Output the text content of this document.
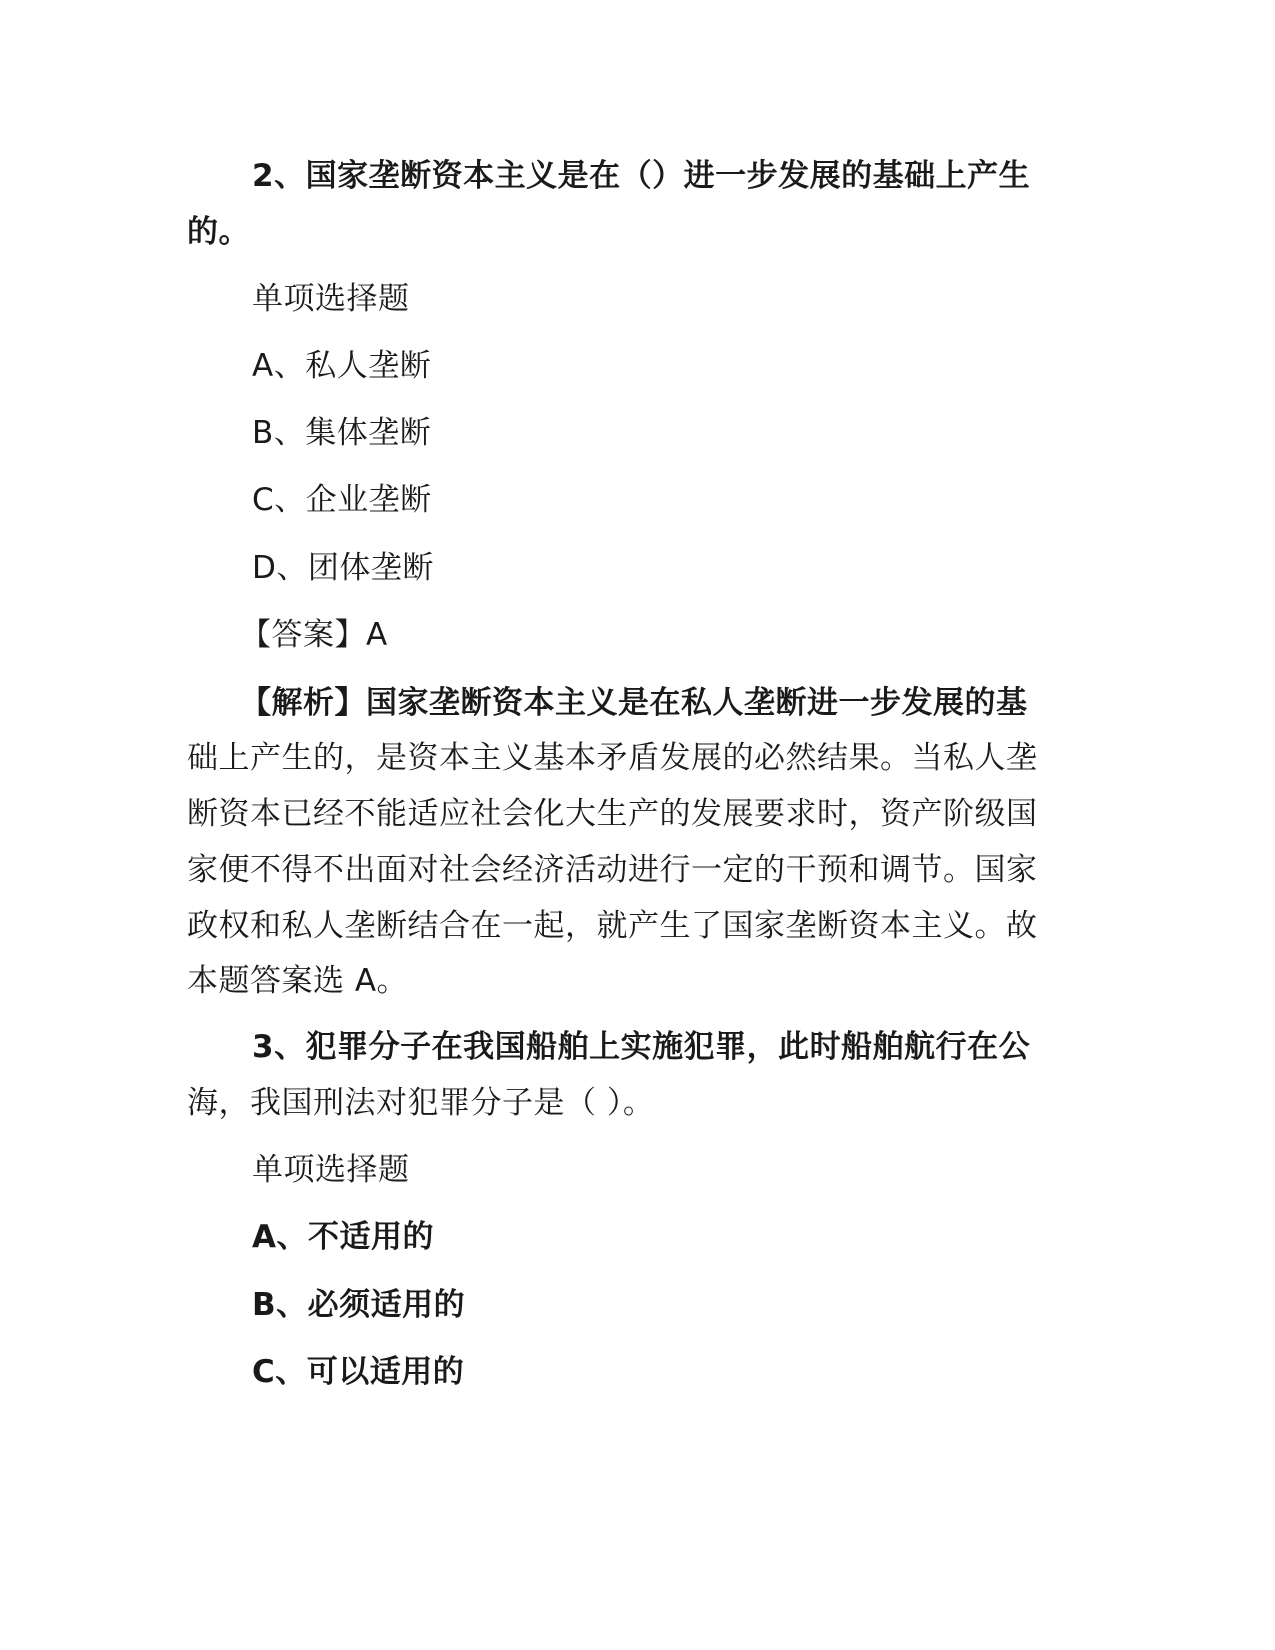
2、国家垄断资本主义是在（）进一步发展的基础上产生
的。
单项选择题
A、私人垄断
B、集体垄断
C、企业垄断
D、团体垄断
【答案】A
【解析】国家垄断资本主义是在私人垄断进一步发展的基
础上产生的，是资本主义基本矛盾发展的必然结果。当私人垄
断资本已经不能适应社会化大生产的发展要求时，资产阶级国
家便不得不出面对社会经济活动进行一定的干预和调节。国家
政权和私人垄断结合在一起，就产生了国家垄断资本主义。故
本题答案选 A。
3、犯罪分子在我国船舶上实施犯罪，此时船舶航行在公
海，我国刑法对犯罪分子是（ ）。
单项选择题
A、不适用的
B、必须适用的
C、可以适用的
